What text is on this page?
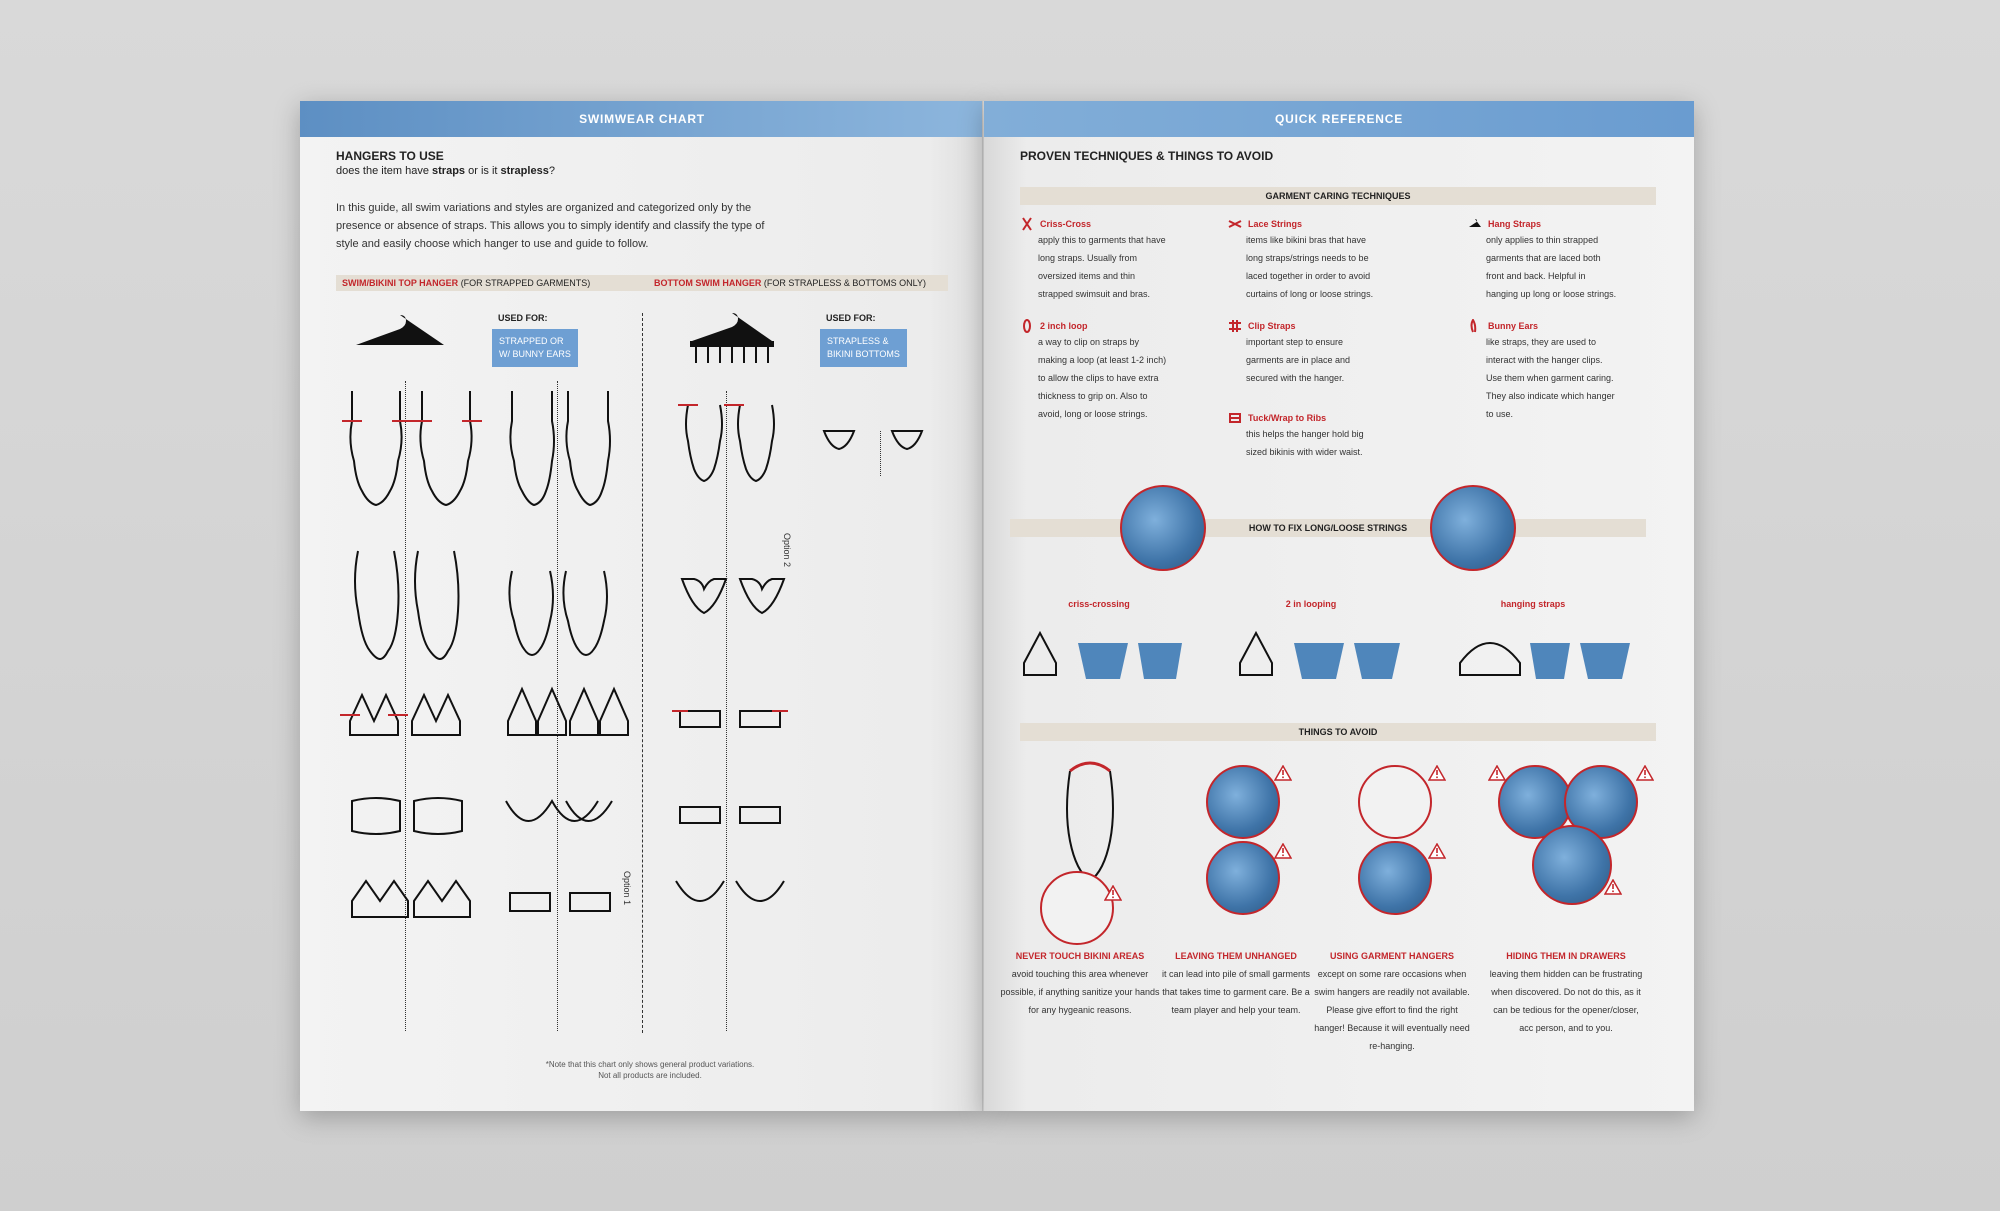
SWIMWEAR CHART
HANGERS TO USE
does the item have straps or is it strapless?
In this guide, all swim variations and styles are organized and categorized only by the presence or absence of straps. This allows you to simply identify and classify the type of style and easily choose which hanger to use and guide to follow.
SWIM/BIKINI TOP HANGER (FOR STRAPPED GARMENTS)	BOTTOM SWIM HANGER (FOR STRAPLESS & BOTTOMS ONLY)
USED FOR:
STRAPPED OR
W/ BUNNY EARS
USED FOR:
STRAPLESS &
BIKINI BOTTOMS
Option 2
Option 1
*Note that this chart only shows general product variations.
Not all products are included.
QUICK REFERENCE
PROVEN TECHNIQUES & THINGS TO AVOID
GARMENT CARING TECHNIQUES
Criss-Cross
apply this to garments that have long straps. Usually from oversized items and thin strapped swimsuit and bras.
2 inch loop
a way to clip on straps by making a loop (at least 1-2 inch) to allow the clips to have extra thickness to grip on. Also to avoid, long or loose strings.
Lace Strings
items like bikini bras that have long straps/strings needs to be laced together in order to avoid curtains of long or loose strings.
Clip Straps
important step to ensure garments are in place and secured with the hanger.
Tuck/Wrap to Ribs
this helps the hanger hold big sized bikinis with wider waist.
Hang Straps
only applies to thin strapped garments that are laced both front and back. Helpful in hanging up long or loose strings.
Bunny Ears
like straps, they are used to interact with the hanger clips. Use them when garment caring. They also indicate which hanger to use.
HOW TO FIX LONG/LOOSE STRINGS
criss-crossing	2 in looping	hanging straps
THINGS TO AVOID
NEVER TOUCH BIKINI AREAS
avoid touching this area whenever possible, if anything sanitize your hands for any hygeanic reasons.
LEAVING THEM UNHANGED
it can lead into pile of small garments that takes time to garment care. Be a team player and help your team.
USING GARMENT HANGERS
except on some rare occasions when swim hangers are readily not available. Please give effort to find the right hanger! Because it will eventually need re-hanging.
HIDING THEM IN DRAWERS
leaving them hidden can be frustrating when discovered. Do not do this, as it can be tedious for the opener/closer, acc person, and to you.
